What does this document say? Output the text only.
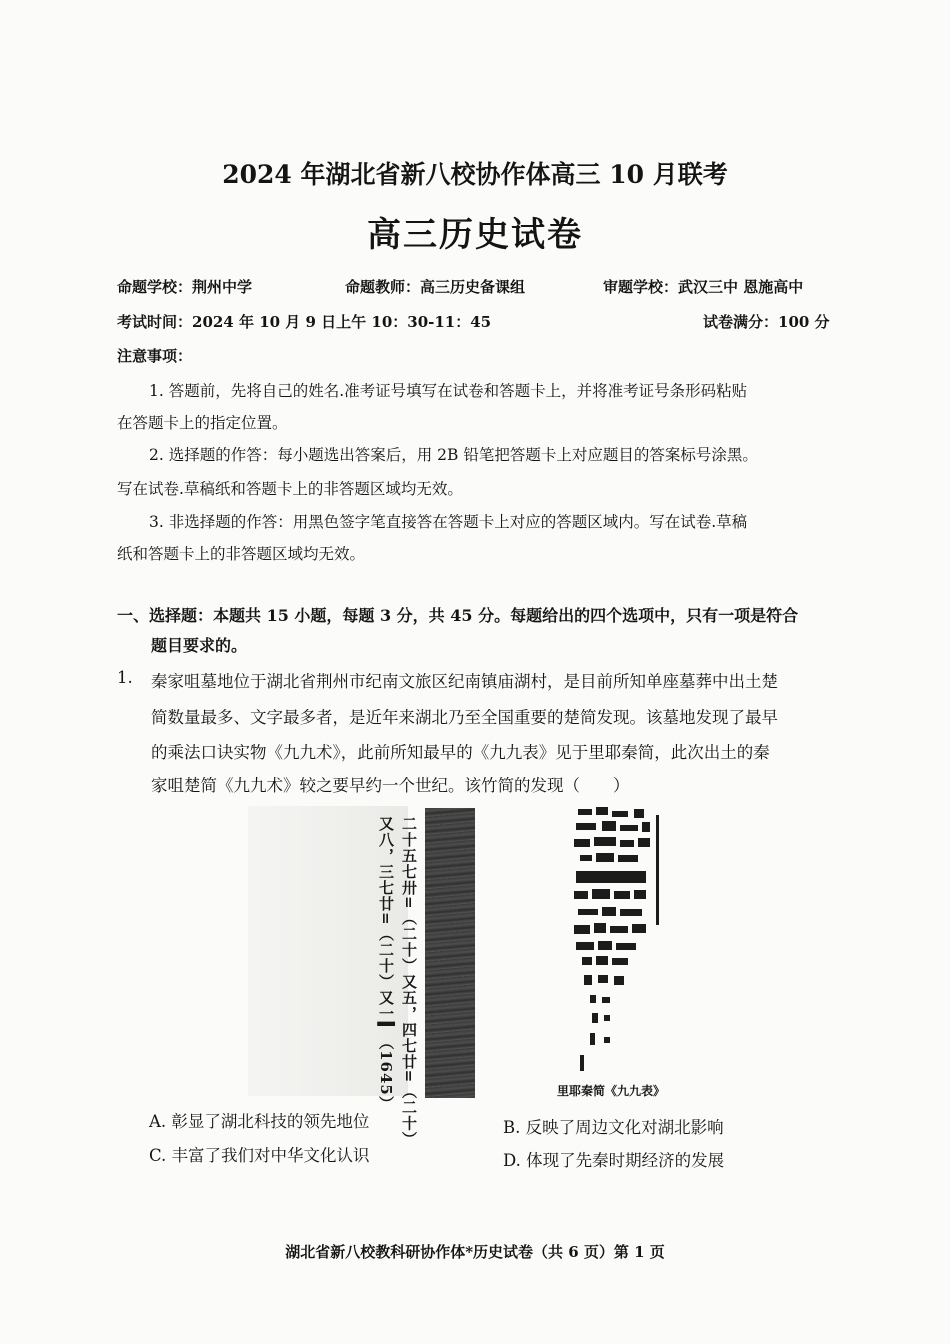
2024 年湖北省新八校协作体高三 10 月联考
高三历史试卷
命题学校：荆州中学	命题教师：高三历史备课组	审题学校：武汉三中 恩施高中
考试时间：2024 年 10 月 9 日上午 10：30-11：45	试卷满分：100 分
注意事项：
1. 答题前，先将自己的姓名.准考证号填写在试卷和答题卡上，并将准考证号条形码粘贴
在答题卡上的指定位置。
2. 选择题的作答：每小题选出答案后，用 2B 铅笔把答题卡上对应题目的答案标号涂黑。
写在试卷.草稿纸和答题卡上的非答题区域均无效。
3. 非选择题的作答：用黑色签字笔直接答在答题卡上对应的答题区域内。写在试卷.草稿
纸和答题卡上的非答题区域均无效。
一、选择题：本题共 15 小题，每题 3 分，共 45 分。每题给出的四个选项中，只有一项是符合
题目要求的。
1. 秦家咀墓地位于湖北省荆州市纪南文旅区纪南镇庙湖村，是目前所知单座墓葬中出土楚
简数量最多、文字最多者，是近年来湖北乃至全国重要的楚简发现。该墓地发现了最早
的乘法口诀实物《九九术》，此前所知最早的《九九表》见于里耶秦简，此次出土的秦
家咀楚简《九九术》较之要早约一个世纪。该竹简的发现（　　）
二十五七卅=（二十）又五，四七廿=（二十）
又八，三七廿=（二十）又一▍（1645）	里耶秦简《九九表》
A. 彰显了湖北科技的领先地位	B. 反映了周边文化对湖北影响
C. 丰富了我们对中华文化认识	D. 体现了先秦时期经济的发展
湖北省新八校教科研协作体*历史试卷（共 6 页）第 1 页
